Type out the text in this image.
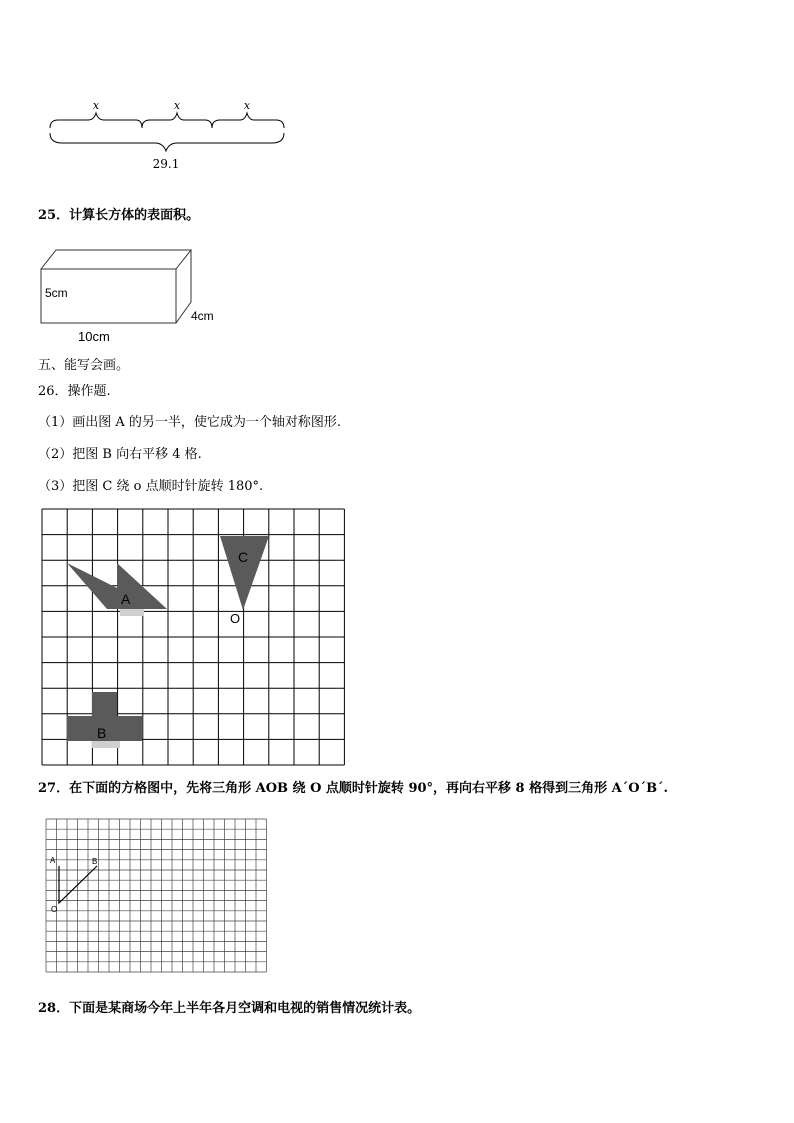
x	x	x
29.1
25．计算长方体的表面积。
5cm
4cm
10cm
五、能写会画。
26．操作题.
（1）画出图 A 的另一半，使它成为一个轴对称图形.
（2）把图 B 向右平移 4 格.
（3）把图 C 绕 o 点顺时针旋转 180°.
A
C
O
B
27．在下面的方格图中，先将三角形 AOB 绕 O 点顺时针旋转 90°，再向右平移 8 格得到三角形 A´O´B´.
A	B
O
28．下面是某商场今年上半年各月空调和电视的销售情况统计表。
